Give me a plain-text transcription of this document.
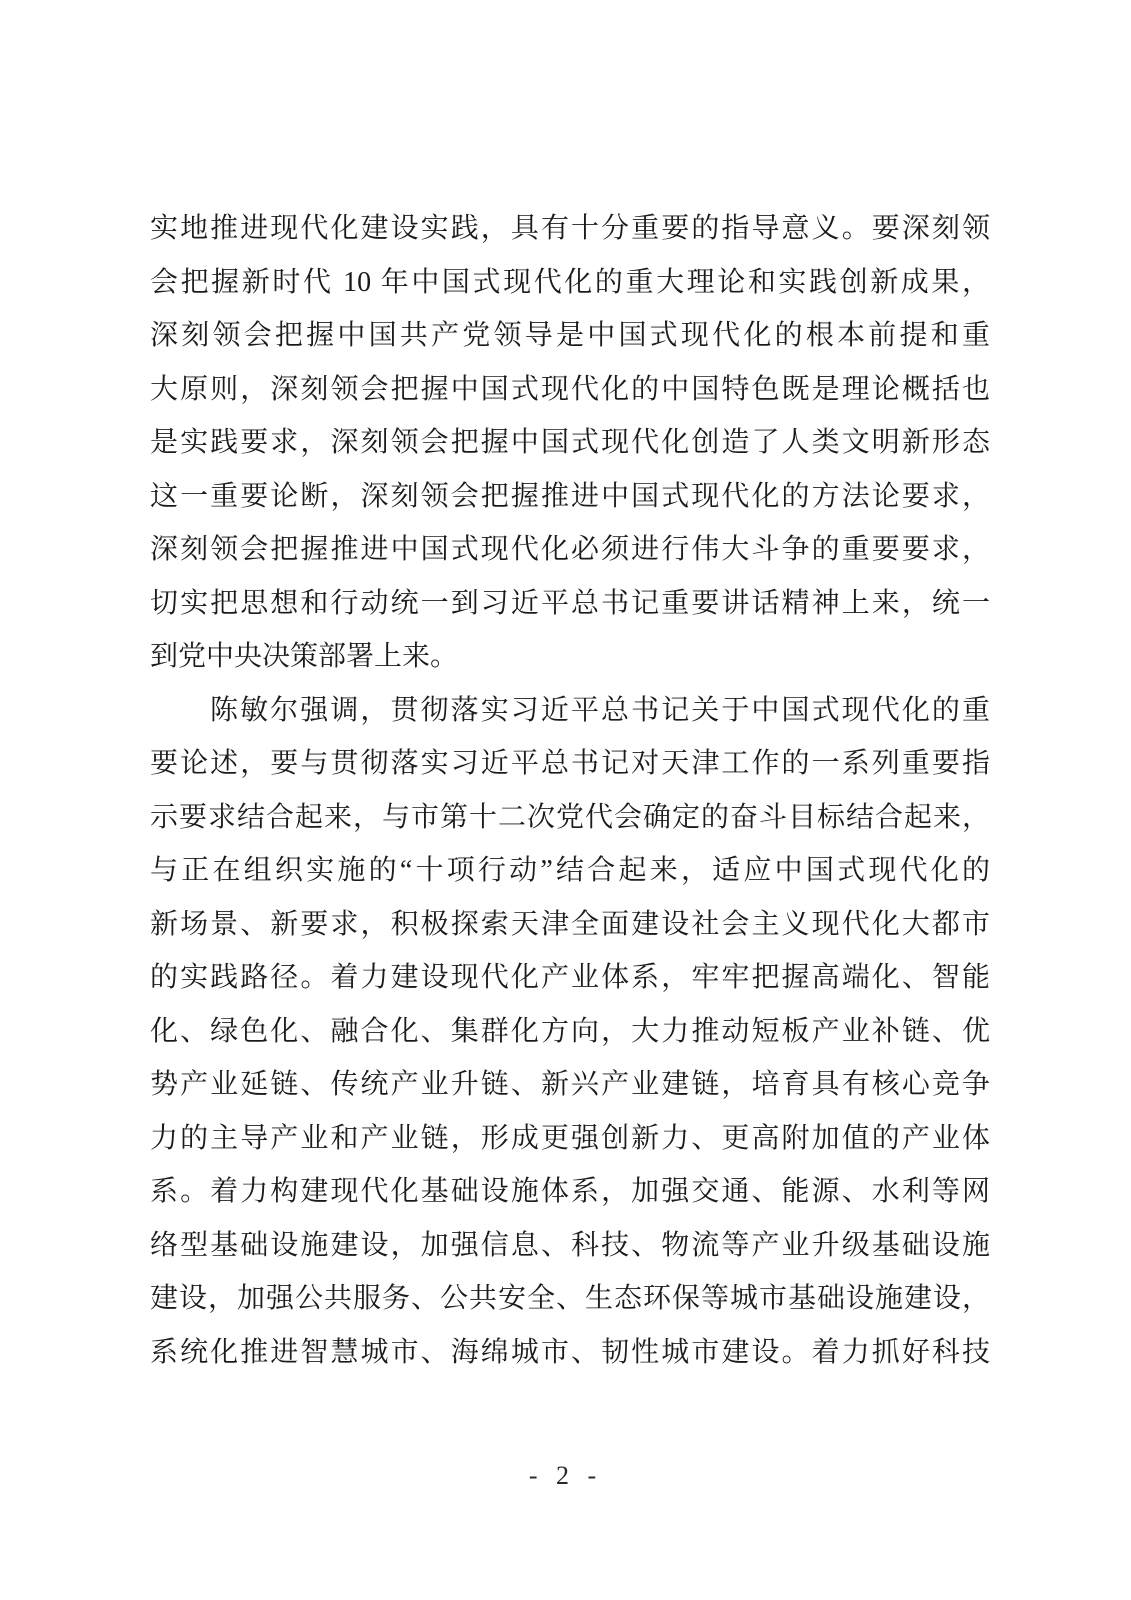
实地推进现代化建设实践，具有十分重要的指导意义。要深刻领
会把握新时代 10 年中国式现代化的重大理论和实践创新成果，
深刻领会把握中国共产党领导是中国式现代化的根本前提和重
大原则，深刻领会把握中国式现代化的中国特色既是理论概括也
是实践要求，深刻领会把握中国式现代化创造了人类文明新形态
这一重要论断，深刻领会把握推进中国式现代化的方法论要求，
深刻领会把握推进中国式现代化必须进行伟大斗争的重要要求，
切实把思想和行动统一到习近平总书记重要讲话精神上来，统一
到党中央决策部署上来。
陈敏尔强调，贯彻落实习近平总书记关于中国式现代化的重
要论述，要与贯彻落实习近平总书记对天津工作的一系列重要指
示要求结合起来，与市第十二次党代会确定的奋斗目标结合起来，
与正在组织实施的“十项行动”结合起来，适应中国式现代化的
新场景、新要求，积极探索天津全面建设社会主义现代化大都市
的实践路径。着力建设现代化产业体系，牢牢把握高端化、智能
化、绿色化、融合化、集群化方向，大力推动短板产业补链、优
势产业延链、传统产业升链、新兴产业建链，培育具有核心竞争
力的主导产业和产业链，形成更强创新力、更高附加值的产业体
系。着力构建现代化基础设施体系，加强交通、能源、水利等网
络型基础设施建设，加强信息、科技、物流等产业升级基础设施
建设，加强公共服务、公共安全、生态环保等城市基础设施建设，
系统化推进智慧城市、海绵城市、韧性城市建设。着力抓好科技
- 2 -
